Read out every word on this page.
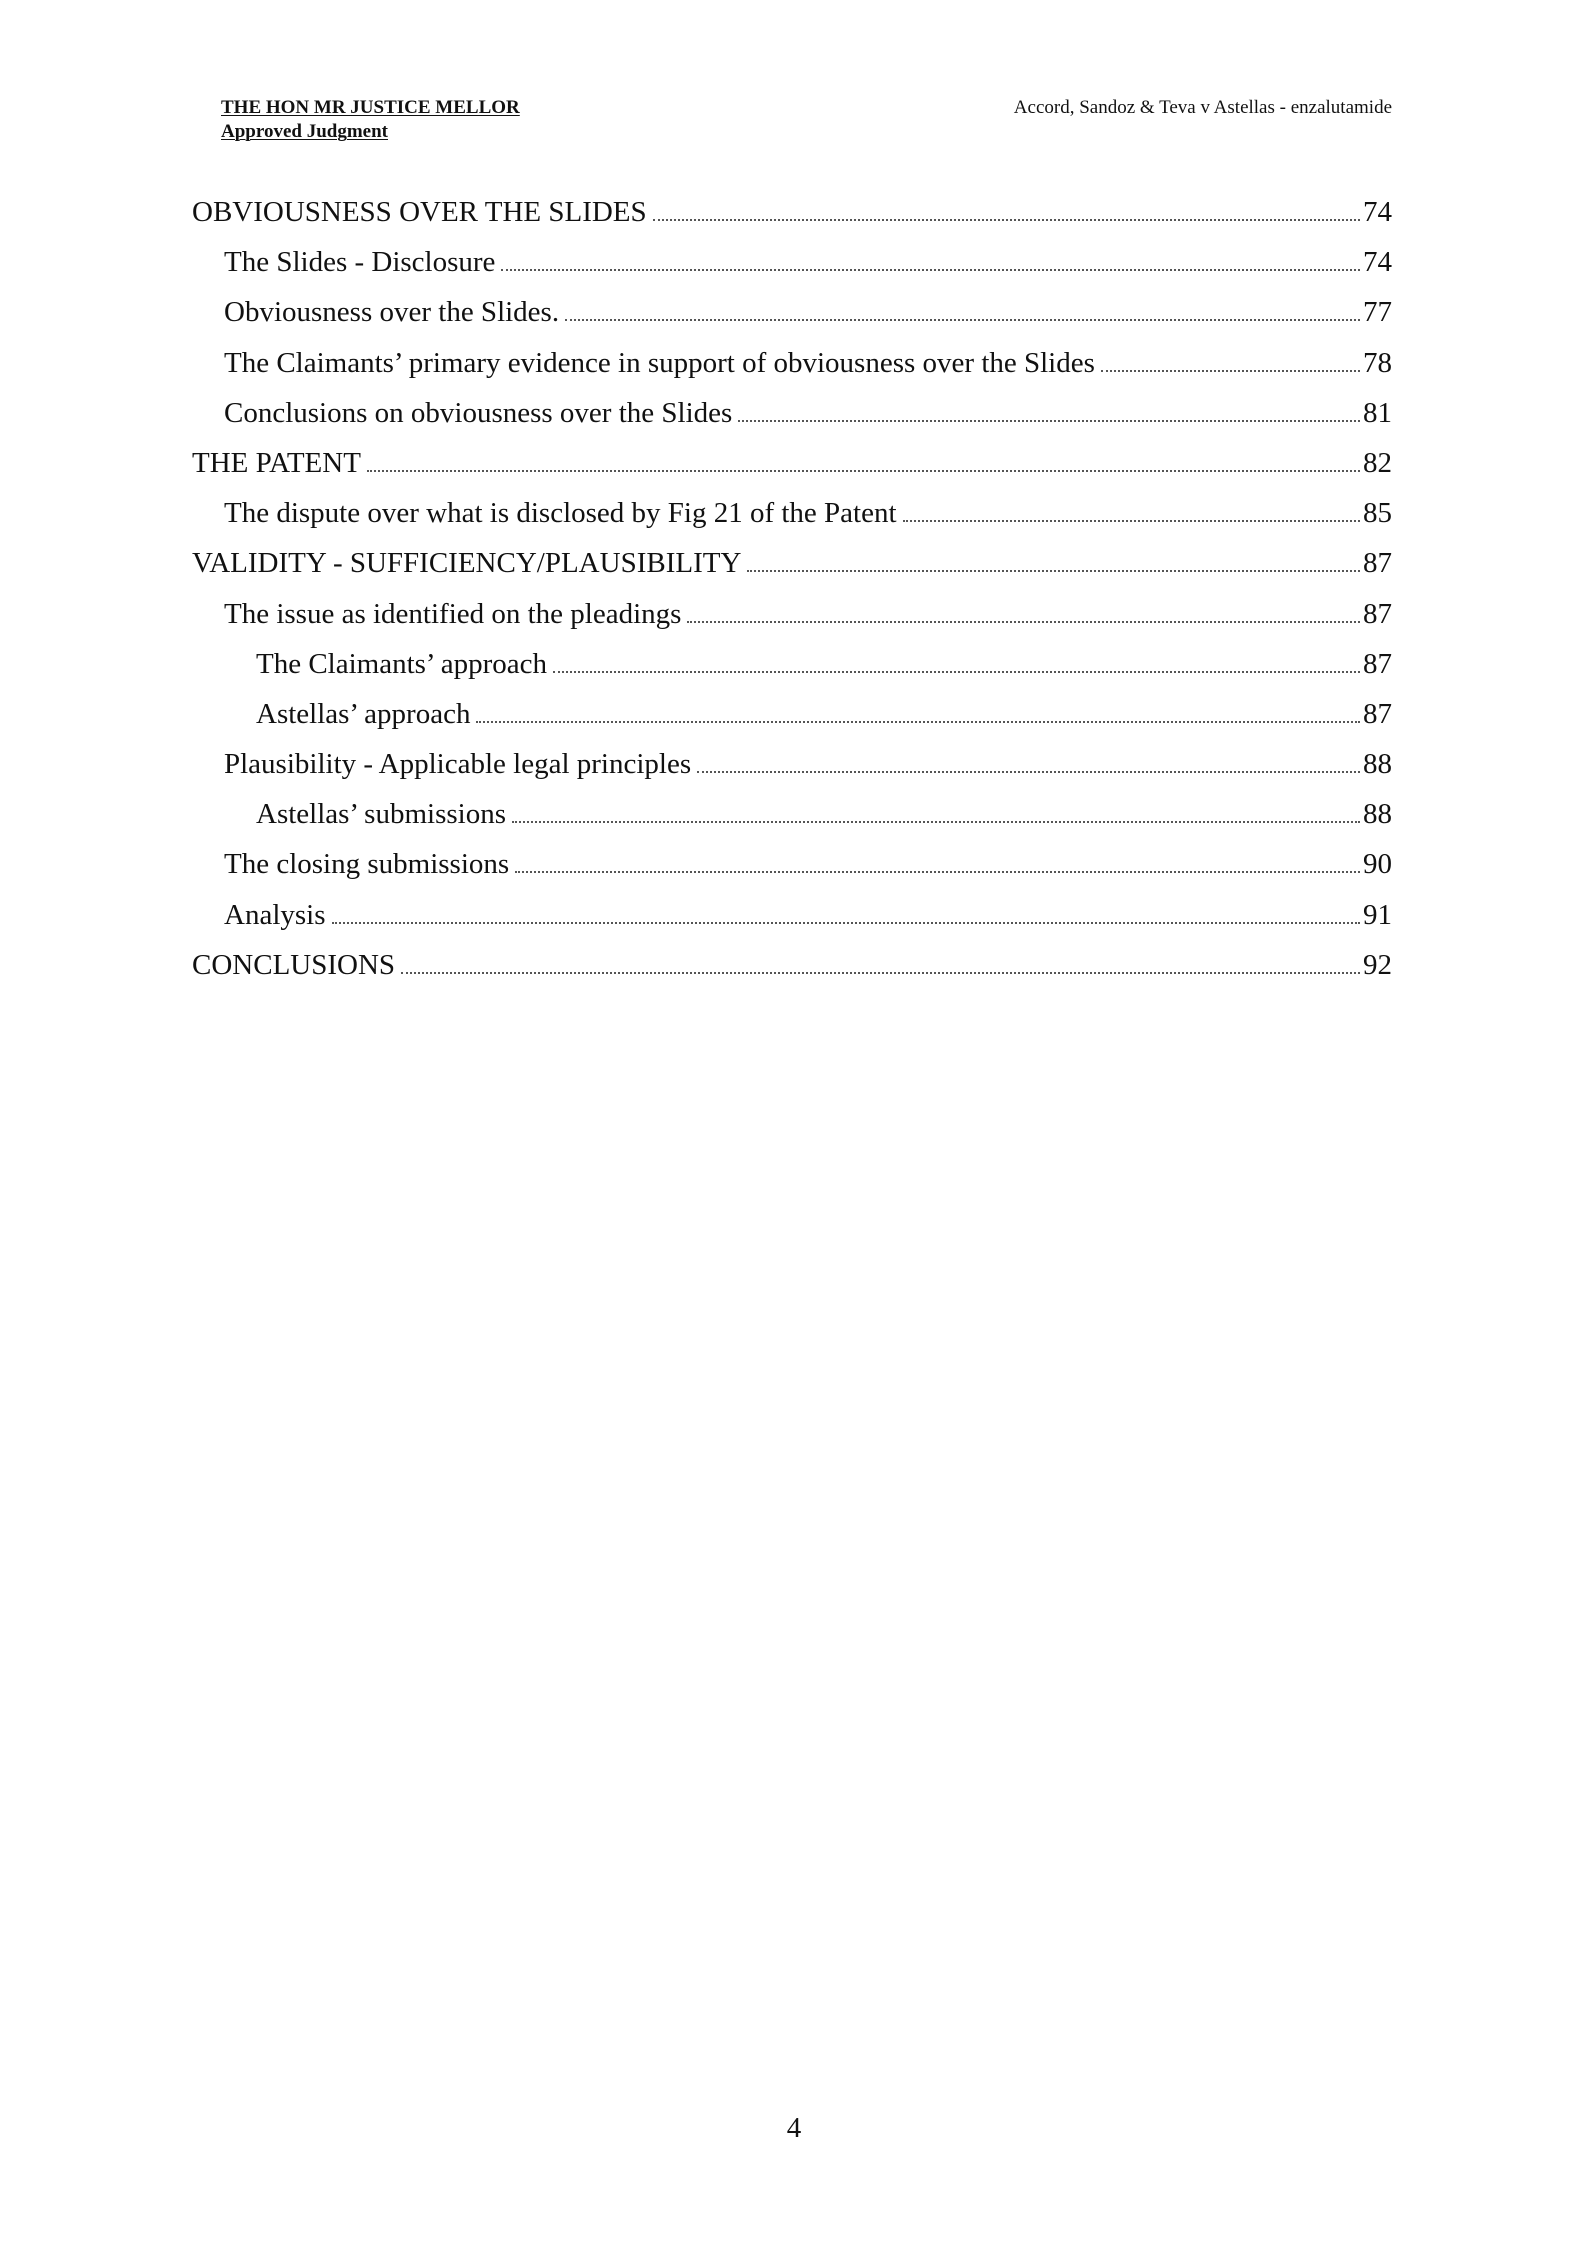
THE HON MR JUSTICE MELLOR
Approved Judgment
Accord, Sandoz & Teva v Astellas - enzalutamide
OBVIOUSNESS OVER THE SLIDES	74
The Slides - Disclosure	74
Obviousness over the Slides.	77
The Claimants’ primary evidence in support of obviousness over the Slides	78
Conclusions on obviousness over the Slides	81
THE PATENT	82
The dispute over what is disclosed by Fig 21 of the Patent	85
VALIDITY - SUFFICIENCY/PLAUSIBILITY	87
The issue as identified on the pleadings	87
The Claimants’ approach	87
Astellas’ approach	87
Plausibility - Applicable legal principles	88
Astellas’ submissions	88
The closing submissions	90
Analysis	91
CONCLUSIONS	92
4
